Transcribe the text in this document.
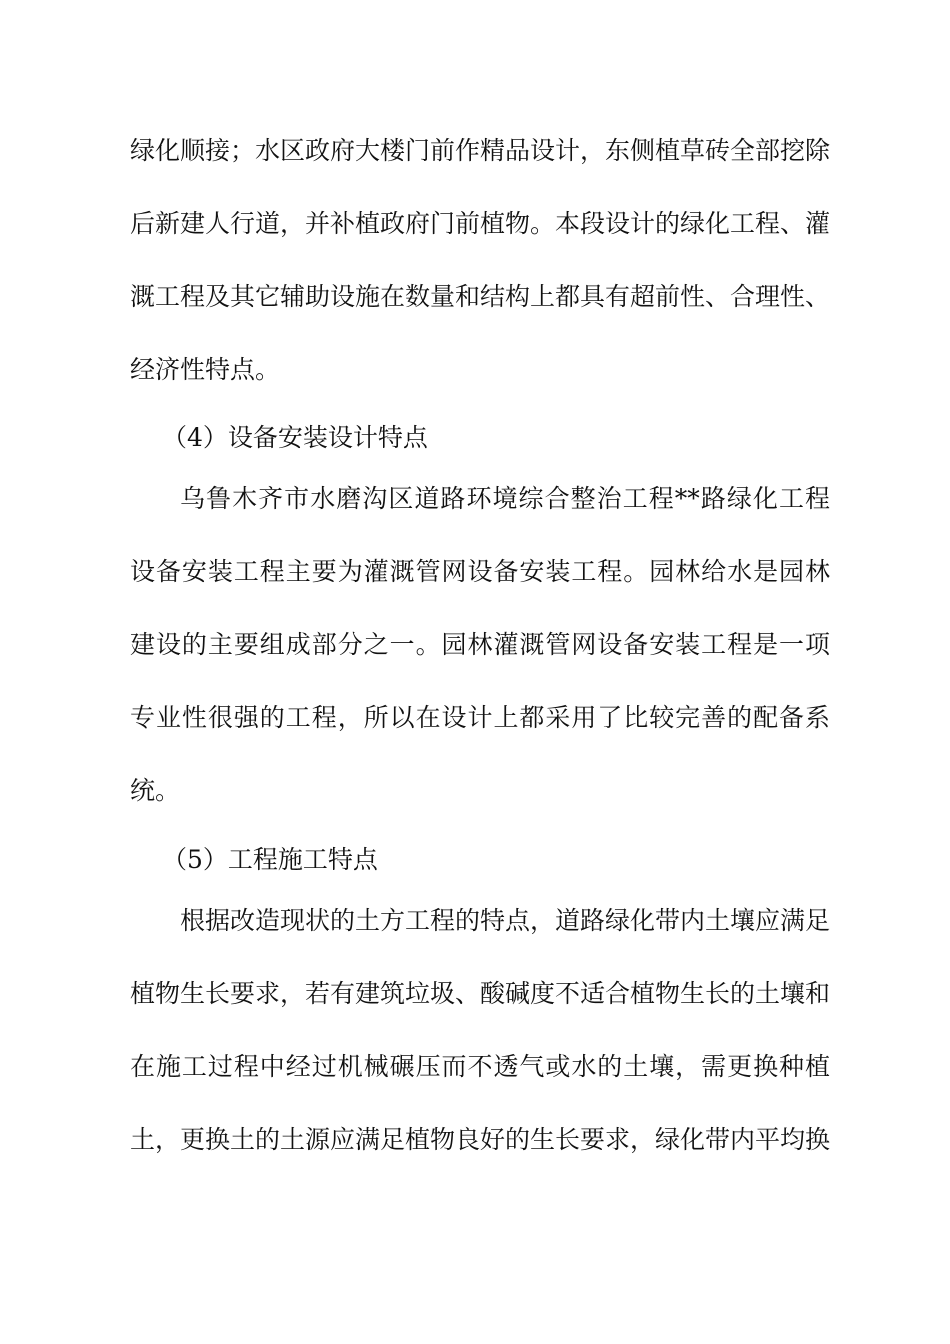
绿化顺接；水区政府大楼门前作精品设计，东侧植草砖全部挖除
后新建人行道，并补植政府门前植物。本段设计的绿化工程、灌
溉工程及其它辅助设施在数量和结构上都具有超前性、合理性、
经济性特点。
（4）设备安装设计特点
乌鲁木齐市水磨沟区道路环境综合整治工程**路绿化工程
设备安装工程主要为灌溉管网设备安装工程。园林给水是园林
建设的主要组成部分之一。园林灌溉管网设备安装工程是一项
专业性很强的工程，所以在设计上都采用了比较完善的配备系
统。
（5）工程施工特点
根据改造现状的土方工程的特点，道路绿化带内土壤应满足
植物生长要求，若有建筑垃圾、酸碱度不适合植物生长的土壤和
在施工过程中经过机械碾压而不透气或水的土壤，需更换种植
土，更换土的土源应满足植物良好的生长要求，绿化带内平均换
